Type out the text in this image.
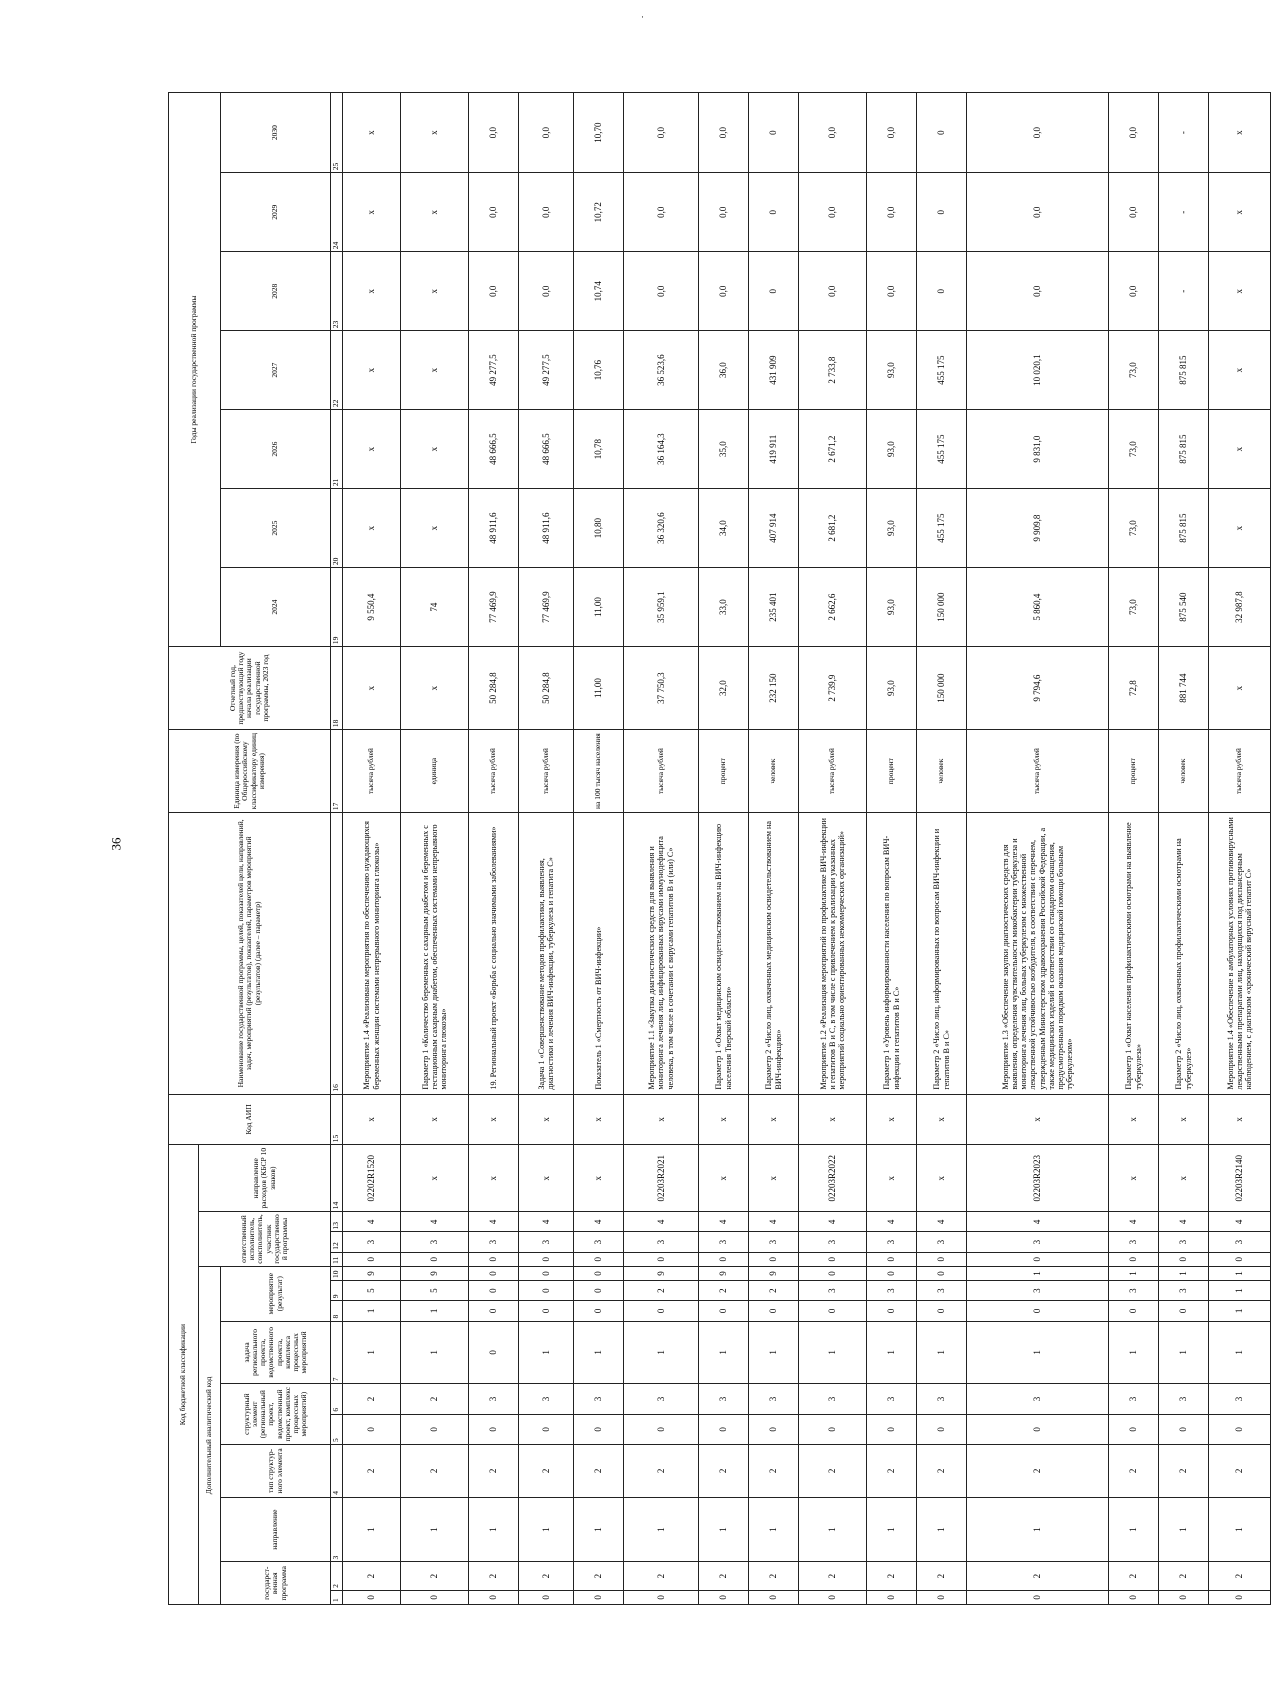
36
·
Код бюджетной классификации														Код АИП	Наименование государственной программы, целей, показателей цели, направлений, задач, мероприятий (результатов), показателей, параметров мероприятий (результатов) (далее – параметр)	Единица измерения (по Общероссийскому классификатору единиц измерения)	Отчетный год, предшествующий году начала реализации государственной программы, 2023 год	Годы реализации государственной программы						
Дополнительный аналитический код										ответственный исполнитель, соисполнитель, участник государственной программы			направление расходов (КБСР 10 знаков)											
государст-венная программа		направление	тип структур-ного элемента	структурный элемент (региональный проект, ведомственный проект, комплекс процессных мероприятий)		задача регионального проекта, ведомственного проекта, комплекса процессных мероприятий	мероприятие (результат)											2024	2025	2026	2027	2028	2029	2030
1	2	3	4	5	6	7	8	9	10	11	12	13	14	15	16	17	18	19	20	21	22	23	24	25
0	2	1	2	0	2	1	1	5	9	0	3	4	02202R1520	x	Мероприятие 1.4 «Реализованы мероприятия по обеспечению нуждающихся беременных женщин системами непрерывного мониторинга глюкозы»	тысяча рублей	x	9 550,4	x	x	x	x	x	x
0	2	1	2	0	2	1	1	5	9	0	3	4	x	x	Параметр 1 «Количество беременных с сахарным диабетом и беременных с гестационным сахарным диабетом, обеспеченных системами непрерывного мониторинга глюкозы»	единица	x	74	x	x	x	x	x	x
0	2	1	2	0	3	0	0	0	0	0	3	4	x	x	19. Региональный проект «Борьба с социально значимыми заболеваниями»	тысяча рублей	50 284,8	77 469,9	48 911,6	48 666,5	49 277,5	0,0	0,0	0,0
0	2	1	2	0	3	1	0	0	0	0	3	4	x	x	Задача 1 «Совершенствование методов профилактики, выявления, диагностики и лечения ВИЧ-инфекции, туберкулеза и гепатита С»	тысяча рублей	50 284,8	77 469,9	48 911,6	48 666,5	49 277,5	0,0	0,0	0,0
0	2	1	2	0	3	1	0	0	0	0	3	4	x	x	Показатель 1 «Смертность от ВИЧ-инфекции»	на 100 тысяч населения	11,00	11,00	10,80	10,78	10,76	10,74	10,72	10,70
0	2	1	2	0	3	1	0	2	9	0	3	4	02203R2021	x	Мероприятие 1.1 «Закупка диагностических средств для выявления и мониторинга лечения лиц, инфицированных вирусами иммунодефицита человека, в том числе в сочетании с вирусами гепатитов В и (или) С»	тысяча рублей	37 750,3	35 959,1	36 320,6	36 164,3	36 523,6	0,0	0,0	0,0
0	2	1	2	0	3	1	0	2	9	0	3	4	x	x	Параметр 1 «Охват медицинским освидетельствованием на ВИЧ-инфекцию населения Тверской области»	процент	32,0	33,0	34,0	35,0	36,0	0,0	0,0	0,0
0	2	1	2	0	3	1	0	2	9	0	3	4	x	x	Параметр 2 «Число лиц, охваченных медицинским освидетельствованием на ВИЧ-инфекцию»	человек	232 150	235 401	407 914	419 911	431 909	0	0	0
0	2	1	2	0	3	1	0	3	0	0	3	4	02203R2022	x	Мероприятие 1.2 «Реализация мероприятий по профилактике ВИЧ-инфекции и гепатитов В и С, в том числе с привлечением к реализации указанных мероприятий социально ориентированных некоммерческих организаций»	тысяча рублей	2 739,9	2 662,6	2 681,2	2 671,2	2 733,8	0,0	0,0	0,0
0	2	1	2	0	3	1	0	3	0	0	3	4	x	x	Параметр 1 «Уровень информированности населения по вопросам ВИЧ-инфекции и гепатитов В и С»	процент	93,0	93,0	93,0	93,0	93,0	0,0	0,0	0,0
0	2	1	2	0	3	1	0	3	0	0	3	4	x	x	Параметр 2 «Число лиц, информированных по вопросам ВИЧ-инфекции и гепатитов В и С»	человек	150 000	150 000	455 175	455 175	455 175	0	0	0
0	2	1	2	0	3	1	0	3	1	0	3	4	02203R2023	x	Мероприятие 1.3 «Обеспечение закупки диагностических средств для выявления, определения чувствительности микобактерии туберкулеза и мониторинга лечения лиц, больных туберкулезом с множественной лекарственной устойчивостью возбудителя, в соответствии с перечнем, утвержденным Министерством здравоохранения Российской Федерации, а также медицинских изделий в соответствии со стандартом оснащения, предусмотренным порядком оказания медицинской помощи больным туберкулезом»	тысяча рублей	9 794,6	5 860,4	9 909,8	9 831,0	10 020,1	0,0	0,0	0,0
0	2	1	2	0	3	1	0	3	1	0	3	4	x	x	Параметр 1 «Охват населения профилактическими осмотрами на выявление туберкулеза»	процент	72,8	73,0	73,0	73,0	73,0	0,0	0,0	0,0
0	2	1	2	0	3	1	0	3	1	0	3	4	x	x	Параметр 2 «Число лиц, охваченных профилактическими осмотрами на туберкулез»	человек	881 744	875 540	875 815	875 815	875 815	-	-	-
0	2	1	2	0	3	1	1	1	1	0	3	4	02203R2140	x	Мероприятие 1.4 «Обеспечение в амбулаторных условиях противовирусными лекарственными препаратами лиц, находящихся под диспансерным наблюдением, с диагнозом «хронический вирусный гепатит С»	тысяча рублей	x	32 987,8	x	x	x	x	x	x
